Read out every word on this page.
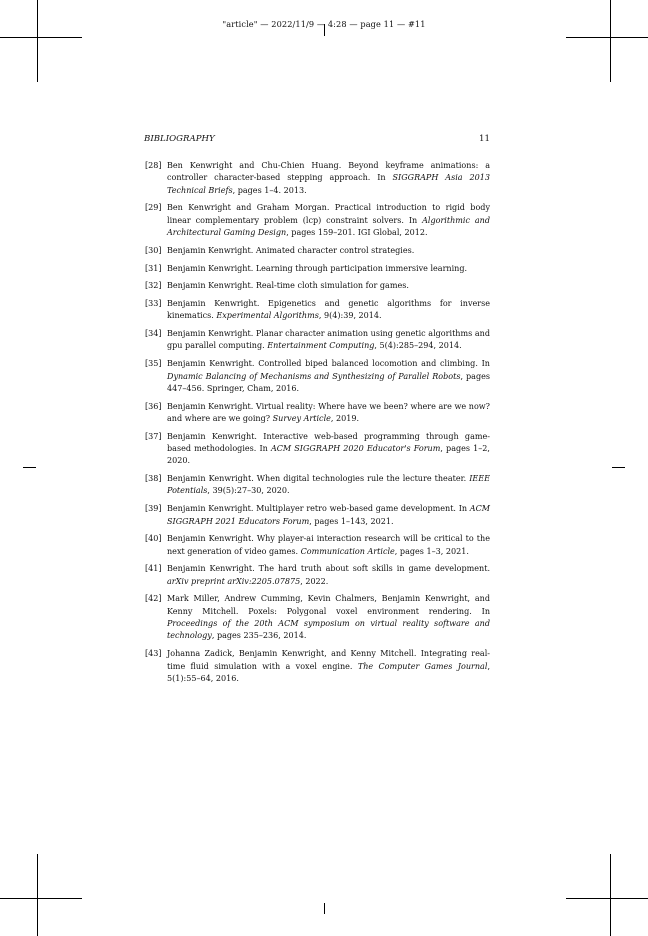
"article" — 2022/11/9 — 4:28 — page 11 — #11
BIBLIOGRAPHY	11
[28] Ben Kenwright and Chu-Chien Huang. Beyond keyframe animations: a controller character-based stepping approach. In SIGGRAPH Asia 2013 Technical Briefs, pages 1–4. 2013.
[29] Ben Kenwright and Graham Morgan. Practical introduction to rigid body linear complementary problem (lcp) constraint solvers. In Algorithmic and Architectural Gaming Design, pages 159–201. IGI Global, 2012.
[30] Benjamin Kenwright. Animated character control strategies.
[31] Benjamin Kenwright. Learning through participation immersive learning.
[32] Benjamin Kenwright. Real-time cloth simulation for games.
[33] Benjamin Kenwright. Epigenetics and genetic algorithms for inverse kinematics. Experimental Algorithms, 9(4):39, 2014.
[34] Benjamin Kenwright. Planar character animation using genetic algorithms and gpu parallel computing. Entertainment Computing, 5(4):285–294, 2014.
[35] Benjamin Kenwright. Controlled biped balanced locomotion and climbing. In Dynamic Balancing of Mechanisms and Synthesizing of Parallel Robots, pages 447–456. Springer, Cham, 2016.
[36] Benjamin Kenwright. Virtual reality: Where have we been? where are we now? and where are we going? Survey Article, 2019.
[37] Benjamin Kenwright. Interactive web-based programming through game-based methodologies. In ACM SIGGRAPH 2020 Educator's Forum, pages 1–2, 2020.
[38] Benjamin Kenwright. When digital technologies rule the lecture theater. IEEE Potentials, 39(5):27–30, 2020.
[39] Benjamin Kenwright. Multiplayer retro web-based game development. In ACM SIGGRAPH 2021 Educators Forum, pages 1–143, 2021.
[40] Benjamin Kenwright. Why player-ai interaction research will be critical to the next generation of video games. Communication Article, pages 1–3, 2021.
[41] Benjamin Kenwright. The hard truth about soft skills in game development. arXiv preprint arXiv:2205.07875, 2022.
[42] Mark Miller, Andrew Cumming, Kevin Chalmers, Benjamin Kenwright, and Kenny Mitchell. Poxels: Polygonal voxel environment rendering. In Proceedings of the 20th ACM symposium on virtual reality software and technology, pages 235–236, 2014.
[43] Johanna Zadick, Benjamin Kenwright, and Kenny Mitchell. Integrating real-time fluid simulation with a voxel engine. The Computer Games Journal, 5(1):55–64, 2016.
